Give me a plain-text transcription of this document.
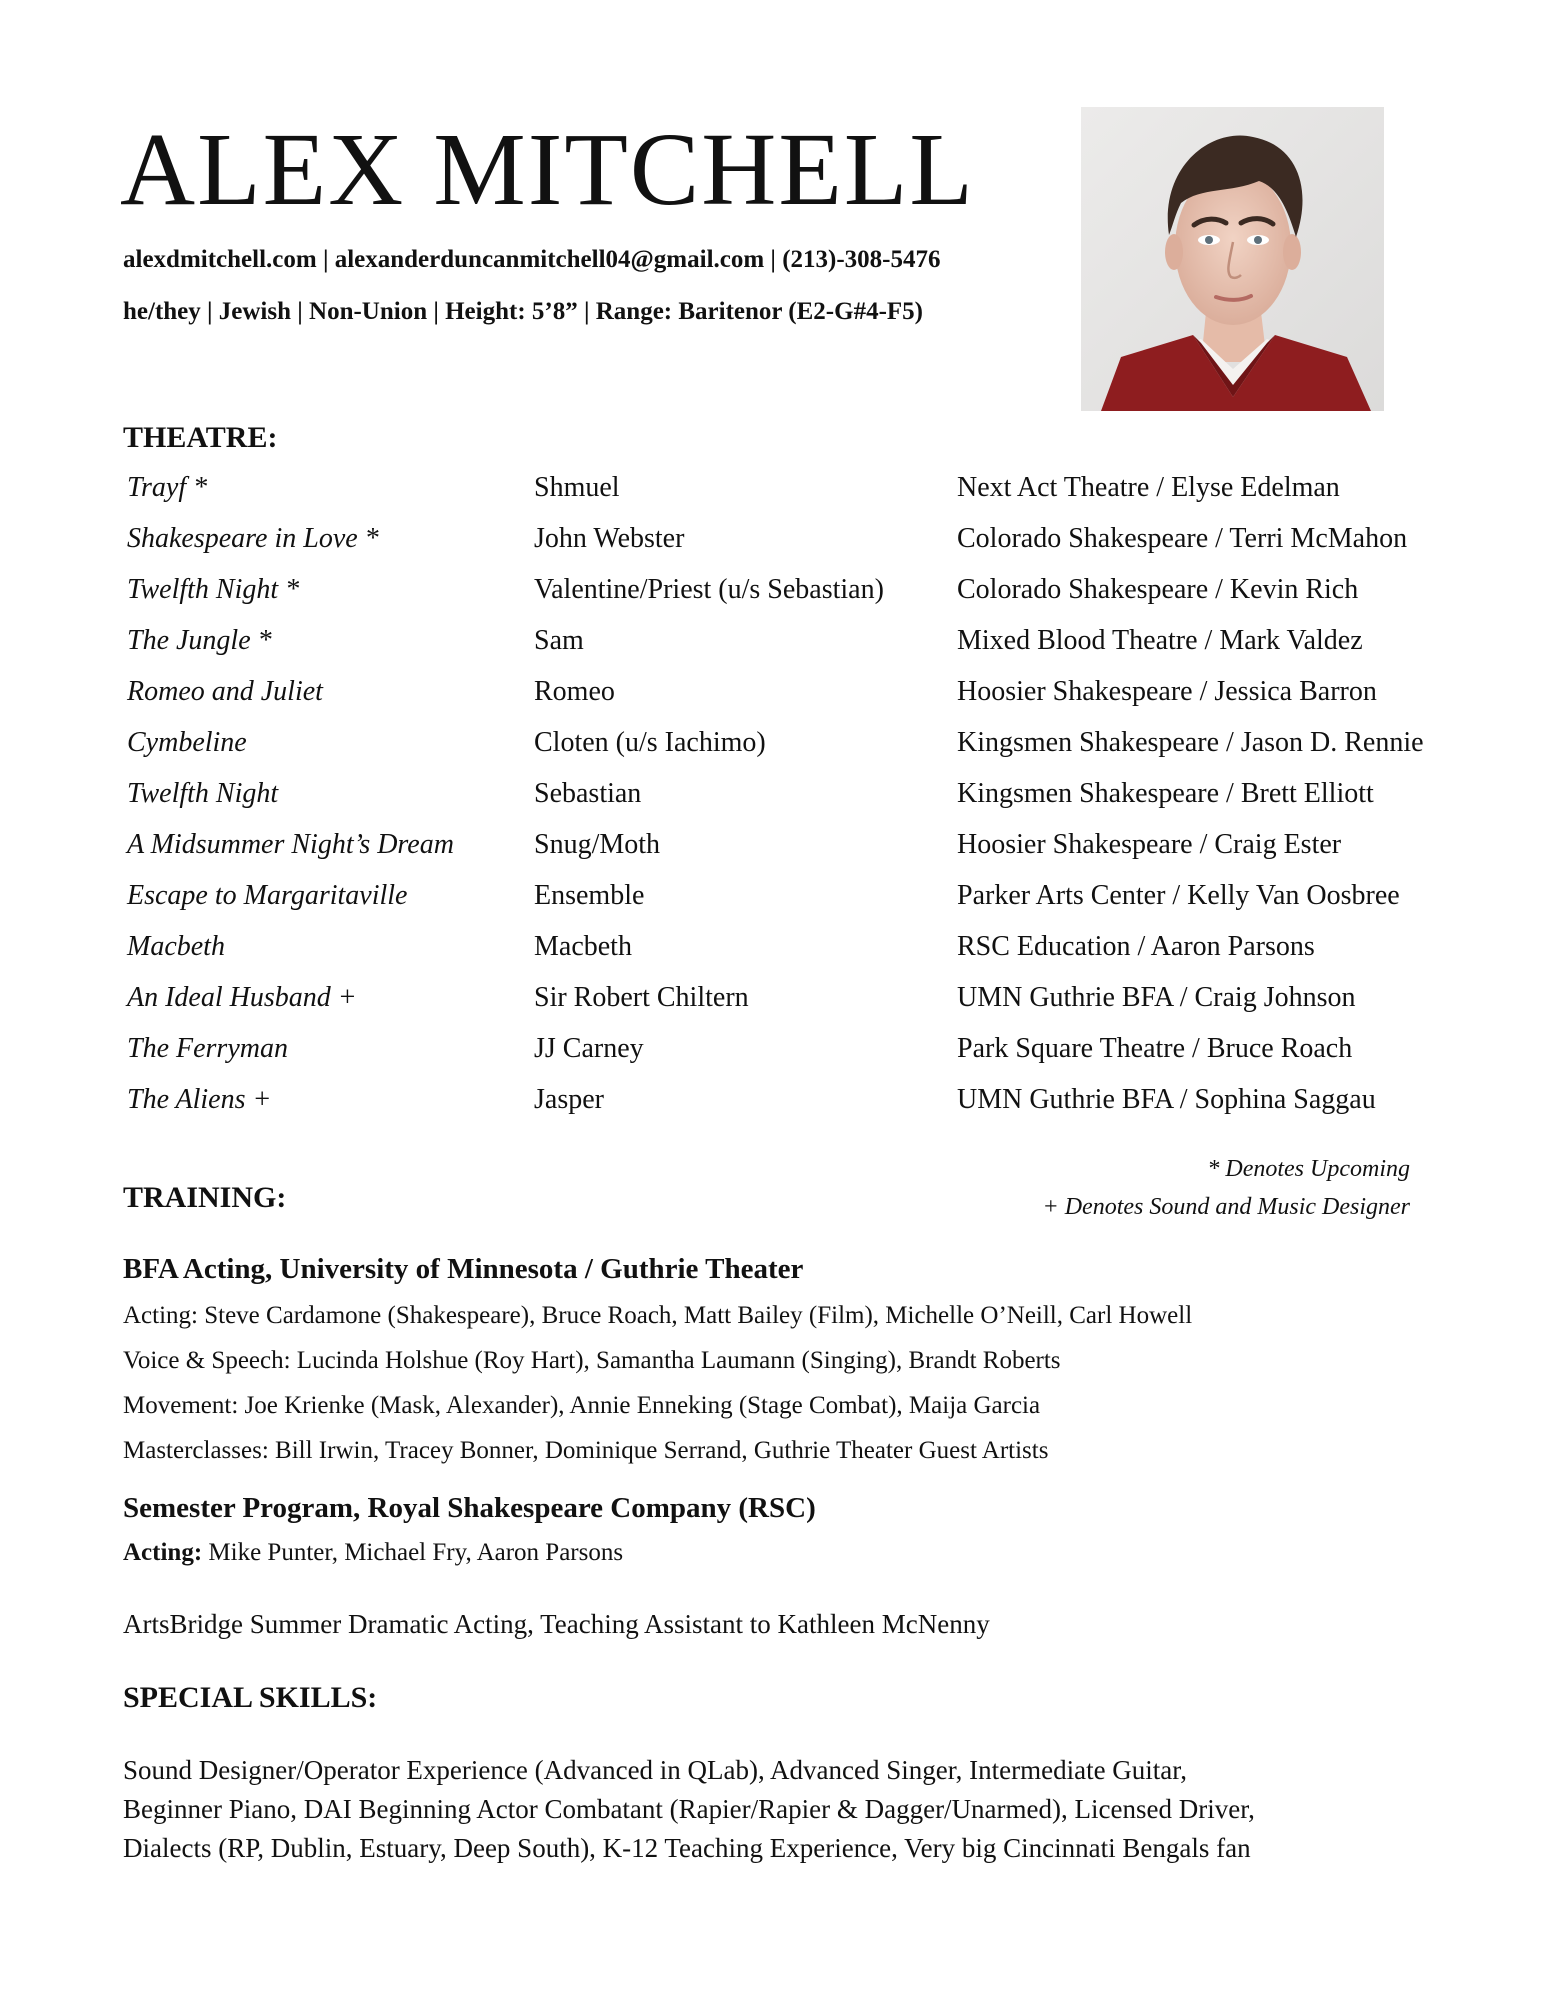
ALEX MITCHELL
alexdmitchell.com | alexanderduncanmitchell04@gmail.com | (213)-308-5476
he/they | Jewish | Non-Union | Height: 5’8” | Range: Baritenor (E2-G#4-F5)
THEATRE:
Trayf *	Shmuel	Next Act Theatre / Elyse Edelman
Shakespeare in Love *	John Webster	Colorado Shakespeare / Terri McMahon
Twelfth Night *	Valentine/Priest (u/s Sebastian)	Colorado Shakespeare / Kevin Rich
The Jungle *	Sam	Mixed Blood Theatre / Mark Valdez
Romeo and Juliet	Romeo	Hoosier Shakespeare / Jessica Barron
Cymbeline	Cloten (u/s Iachimo)	Kingsmen Shakespeare / Jason D. Rennie
Twelfth Night	Sebastian	Kingsmen Shakespeare / Brett Elliott
A Midsummer Night’s Dream	Snug/Moth	Hoosier Shakespeare / Craig Ester
Escape to Margaritaville	Ensemble	Parker Arts Center / Kelly Van Oosbree
Macbeth	Macbeth	RSC Education / Aaron Parsons
An Ideal Husband +	Sir Robert Chiltern	UMN Guthrie BFA / Craig Johnson
The Ferryman	JJ Carney	Park Square Theatre / Bruce Roach
The Aliens +	Jasper	UMN Guthrie BFA / Sophina Saggau
* Denotes Upcoming
+ Denotes Sound and Music Designer
TRAINING:
BFA Acting, University of Minnesota / Guthrie Theater
Acting: Steve Cardamone (Shakespeare), Bruce Roach, Matt Bailey (Film), Michelle O’Neill, Carl Howell
Voice & Speech: Lucinda Holshue (Roy Hart), Samantha Laumann (Singing), Brandt Roberts
Movement: Joe Krienke (Mask, Alexander), Annie Enneking (Stage Combat), Maija Garcia
Masterclasses: Bill Irwin, Tracey Bonner, Dominique Serrand, Guthrie Theater Guest Artists
Semester Program, Royal Shakespeare Company (RSC)
Acting: Mike Punter, Michael Fry, Aaron Parsons
ArtsBridge Summer Dramatic Acting, Teaching Assistant to Kathleen McNenny
SPECIAL SKILLS:
Sound Designer/Operator Experience (Advanced in QLab), Advanced Singer, Intermediate Guitar,
Beginner Piano, DAI Beginning Actor Combatant (Rapier/Rapier & Dagger/Unarmed), Licensed Driver,
Dialects (RP, Dublin, Estuary, Deep South), K-12 Teaching Experience, Very big Cincinnati Bengals fan
